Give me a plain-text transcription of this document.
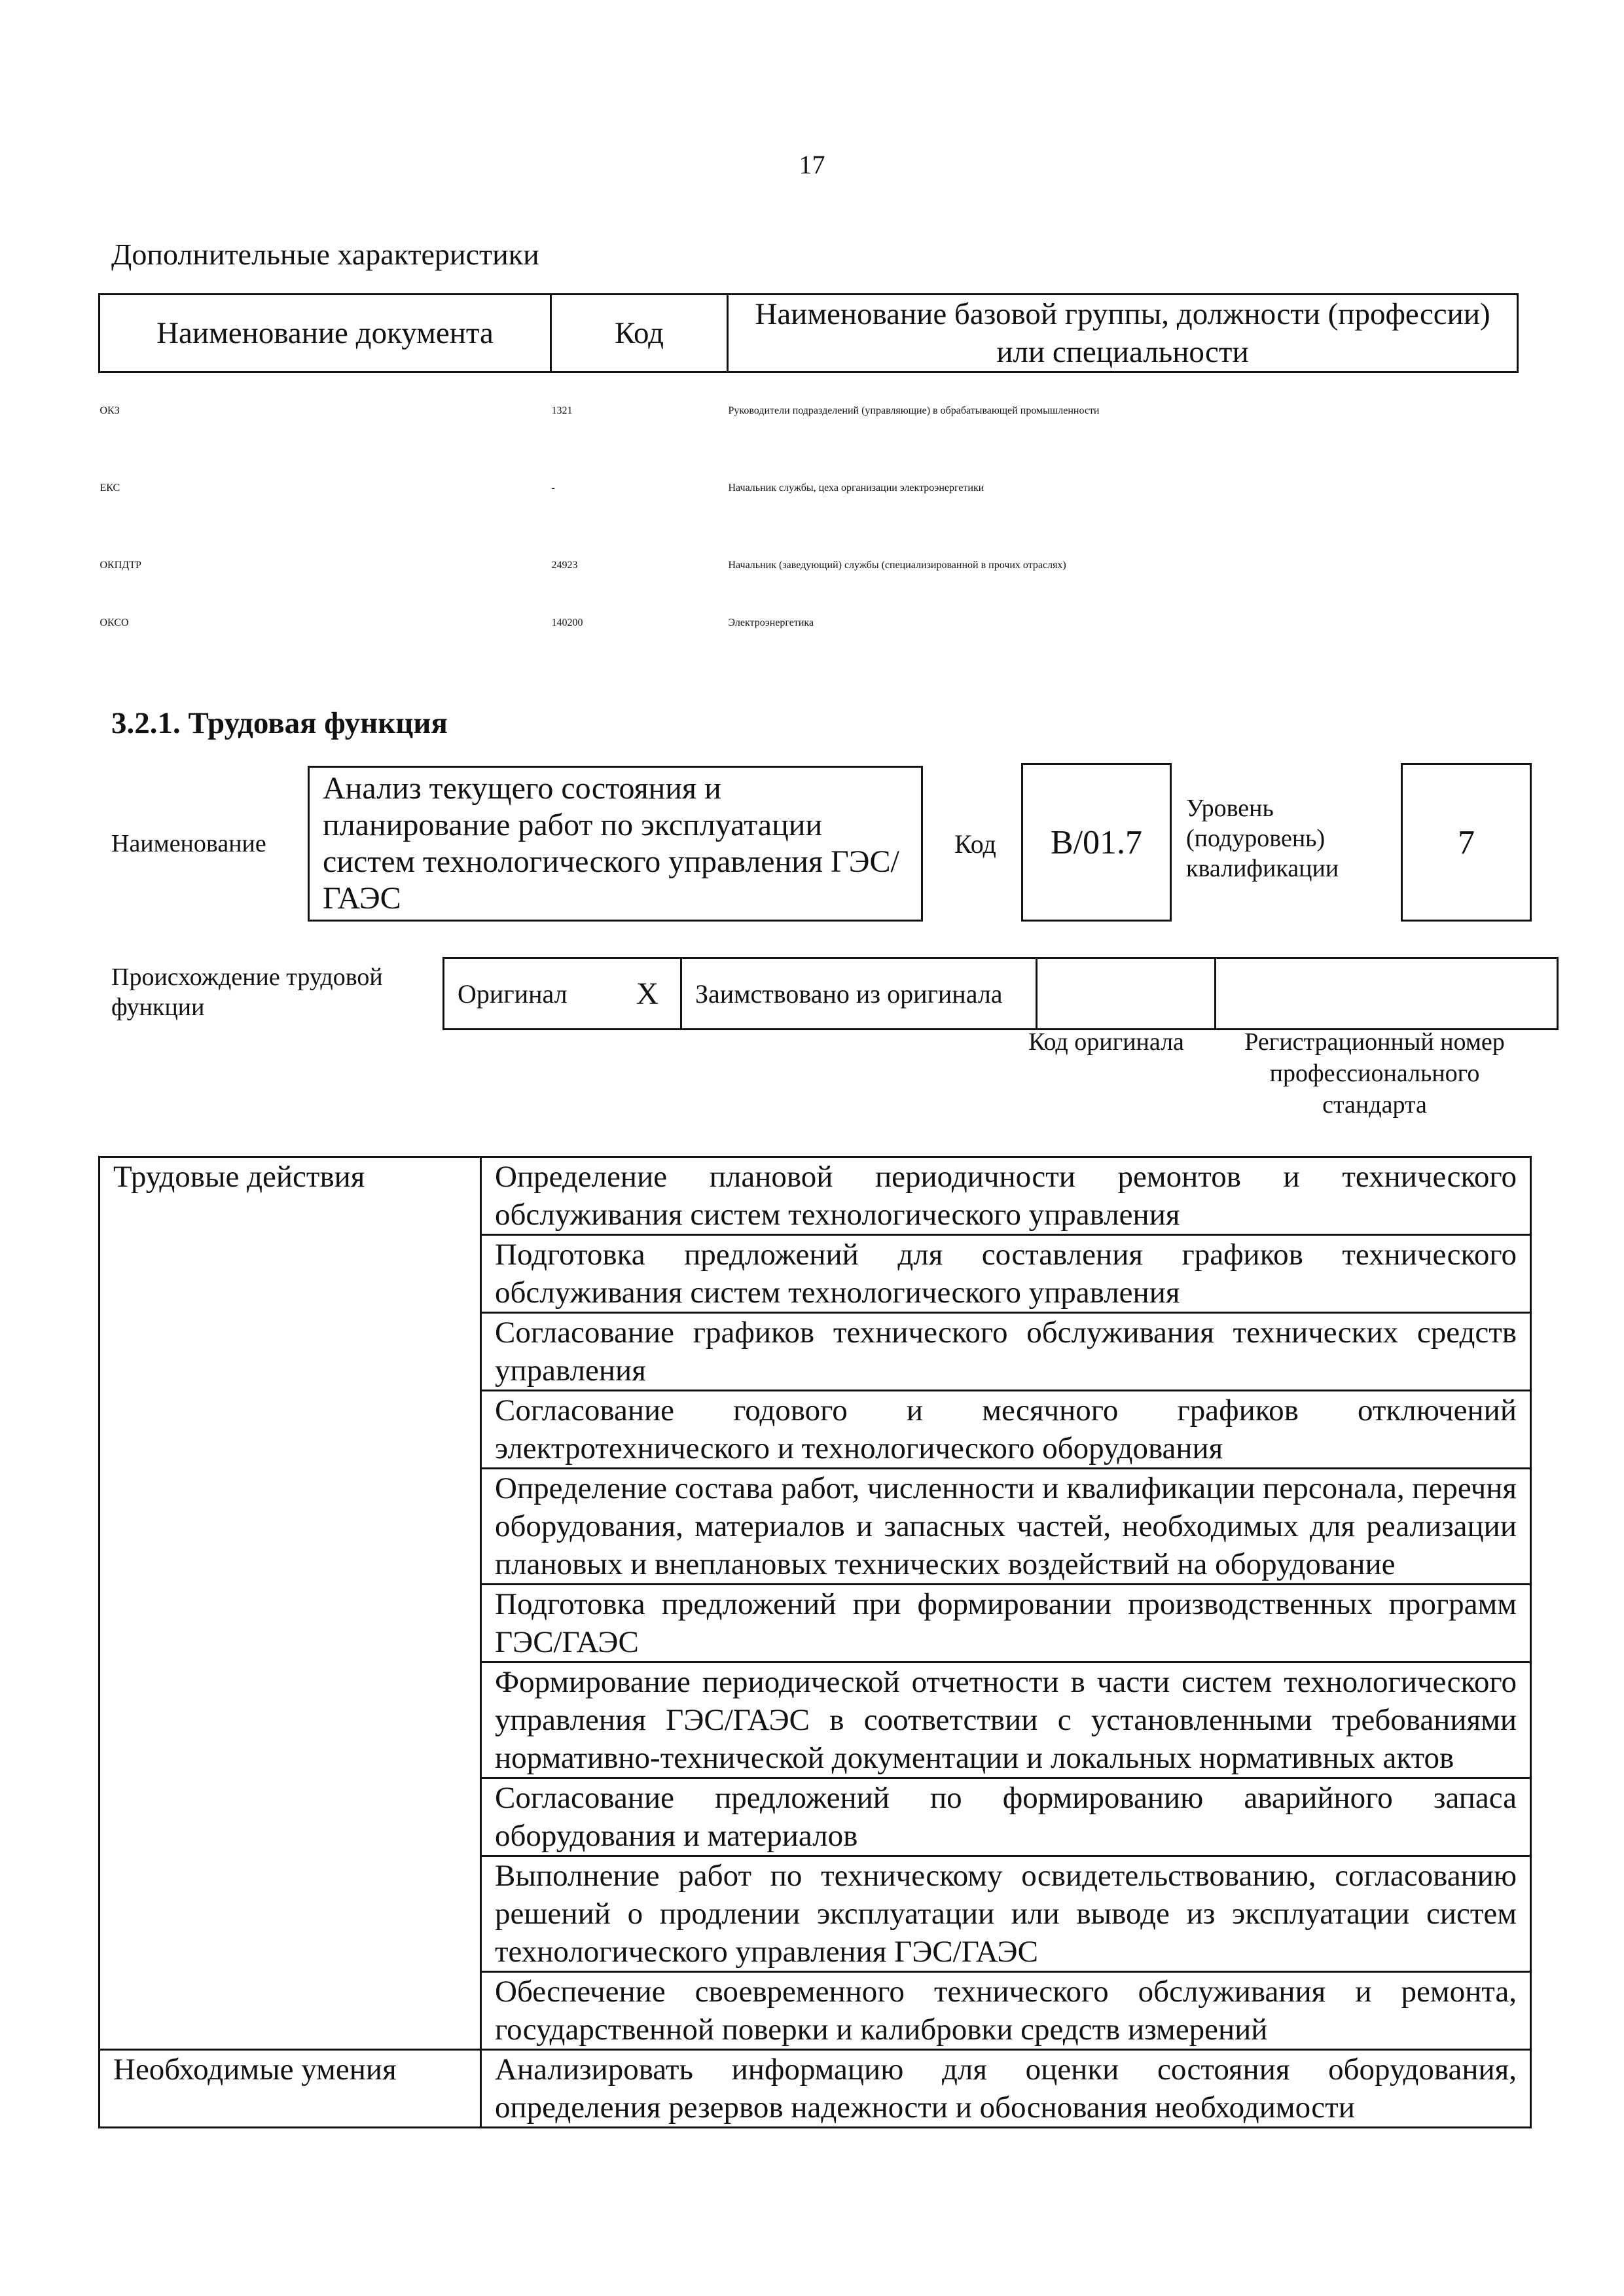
17
Дополнительные характеристики
Наименование документа	Код	Наименование базовой группы, должности (профессии) или специальности
ОКЗ	1321	Руководители подразделений (управляющие) в обрабатывающей промышленности
ЕКС	-	Начальник службы, цеха организации электроэнергетики
ОКПДТР	24923	Начальник (заведующий) службы (специализированной в прочих отраслях)
ОКСО	140200	Электроэнергетика
3.2.1. Трудовая функция
Наименование
Анализ текущего состояния и планирование работ по эксплуатации систем технологического управления ГЭС/ГАЭС
Код	B/01.7
Уровень (подуровень) квалификации
7
Происхождение трудовой функции	Оригинал	X	Заимствовано из оригинала		
Код оригинала	Регистрационный номер профессионального стандарта
Трудовые действия	Определение плановой периодичности ремонтов и технического обслуживания систем технологического управления
	Подготовка предложений для составления графиков технического обслуживания систем технологического управления
	Согласование графиков технического обслуживания технических средств управления
	Согласование годового и месячного графиков отключений электротехнического и технологического оборудования
	Определение состава работ, численности и квалификации персонала, перечня оборудования, материалов и запасных частей, необходимых для реализации плановых и внеплановых технических воздействий на оборудование
	Подготовка предложений при формировании производственных программ ГЭС/ГАЭС
	Формирование периодической отчетности в части систем технологического управления ГЭС/ГАЭС в соответствии с установленными требованиями нормативно-технической документации и локальных нормативных актов
	Согласование предложений по формированию аварийного запаса оборудования и материалов
	Выполнение работ по техническому освидетельствованию, согласованию решений о продлении эксплуатации или выводе из эксплуатации систем технологического управления ГЭС/ГАЭС
	Обеспечение своевременного технического обслуживания и ремонта, государственной поверки и калибровки средств измерений
Необходимые умения	Анализировать информацию для оценки состояния оборудования, определения резервов надежности и обоснования необходимости
